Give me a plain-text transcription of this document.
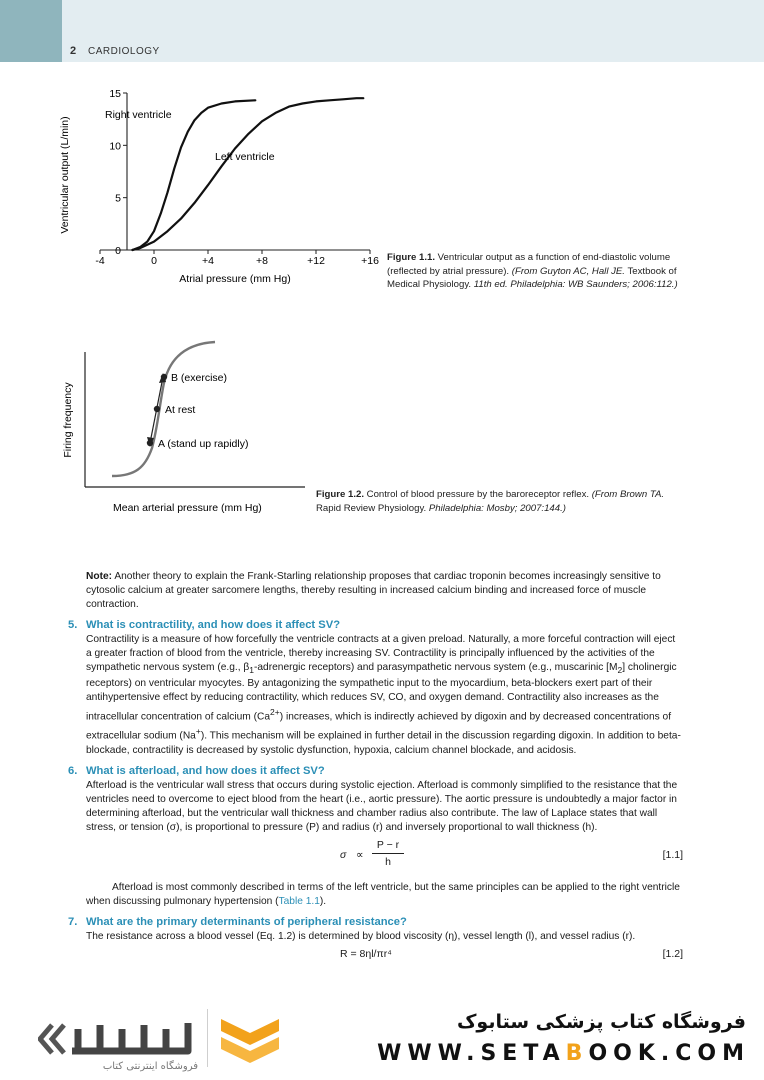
2 CARDIOLOGY
-4	0	+4	+8	+12	+16
0
5
10
15
Ventricular output (L/min)
Atrial pressure (mm Hg)
Right ventricle
Left ventricle
Figure 1.1. Ventricular output as a function of end-diastolic volume (reflected by atrial pressure). (From Guyton AC, Hall JE. Textbook of Medical Physiology. 11th ed. Philadelphia: WB Saunders; 2006:112.)
B (exercise)
At rest
A (stand up rapidly)
Firing frequency
Mean arterial pressure (mm Hg)
Figure 1.2. Control of blood pressure by the baroreceptor reflex. (From Brown TA. Rapid Review Physiology. Philadelphia: Mosby; 2007:144.)

Note: Another theory to explain the Frank-Starling relationship proposes that cardiac troponin becomes increasingly sensitive to cytosolic calcium at greater sarcomere lengths, thereby resulting in increased calcium binding and increased force of muscle contraction.

5. What is contractility, and how does it affect SV?
Contractility is a measure of how forcefully the ventricle contracts at a given preload. Naturally, a more forceful contraction will eject a greater fraction of blood from the ventricle, thereby increasing SV. Contractility is principally influenced by the activities of the sympathetic nervous system (e.g., $\beta_1$-adrenergic receptors) and parasympathetic nervous system (e.g., muscarinic $[M_2]$ cholinergic receptors) on ventricular myocytes. By antagonizing the sympathetic input to the myocardium, beta-blockers exert part of their antihypertensive effect by reducing contractility, which reduces SV, CO, and oxygen demand. Contractility also increases as the intracellular concentration of calcium $(Ca^{2+})$ increases, which is indirectly achieved by digoxin and by decreased concentrations of extracellular sodium (Na+). This mechanism will be explained in further detail in the discussion regarding digoxin. In addition to beta-blockade, contractility is decreased by systolic dysfunction, hypoxia, calcium channel blockade, and acidosis.
6. What is afterload, and how does it affect SV?
Afterload is the ventricular wall stress that occurs during systolic ejection. Afterload is commonly simplified to the resistance that the ventricles need to overcome to eject blood from the heart (i.e., aortic pressure). The aortic pressure is undoubtedly a major factor in determining afterload, but the ventricular wall thickness and chamber radius also contribute. The law of Laplace states that wall stress, or tension (σ), is proportional to pressure (P) and radius (r) and inversely proportional to wall thickness (h).
$\sigma \propto \frac{P - r}{h}$	[1.1]
Afterload is most commonly described in terms of the left ventricle, but the same principles can be applied to the right ventricle when discussing pulmonary hypertension (Table 1.1).
7. What are the primary determinants of peripheral resistance?
The resistance across a blood vessel (Eq. 1.2) is determined by blood viscosity (η), vessel length (l), and vessel radius (r).
R = 8ηl/πr⁴	[1.2]
فروشگاه اینترنتی کتاب
فروشگاه کتاب پزشکی ستابوک
WWW.SETABOOK.COM
